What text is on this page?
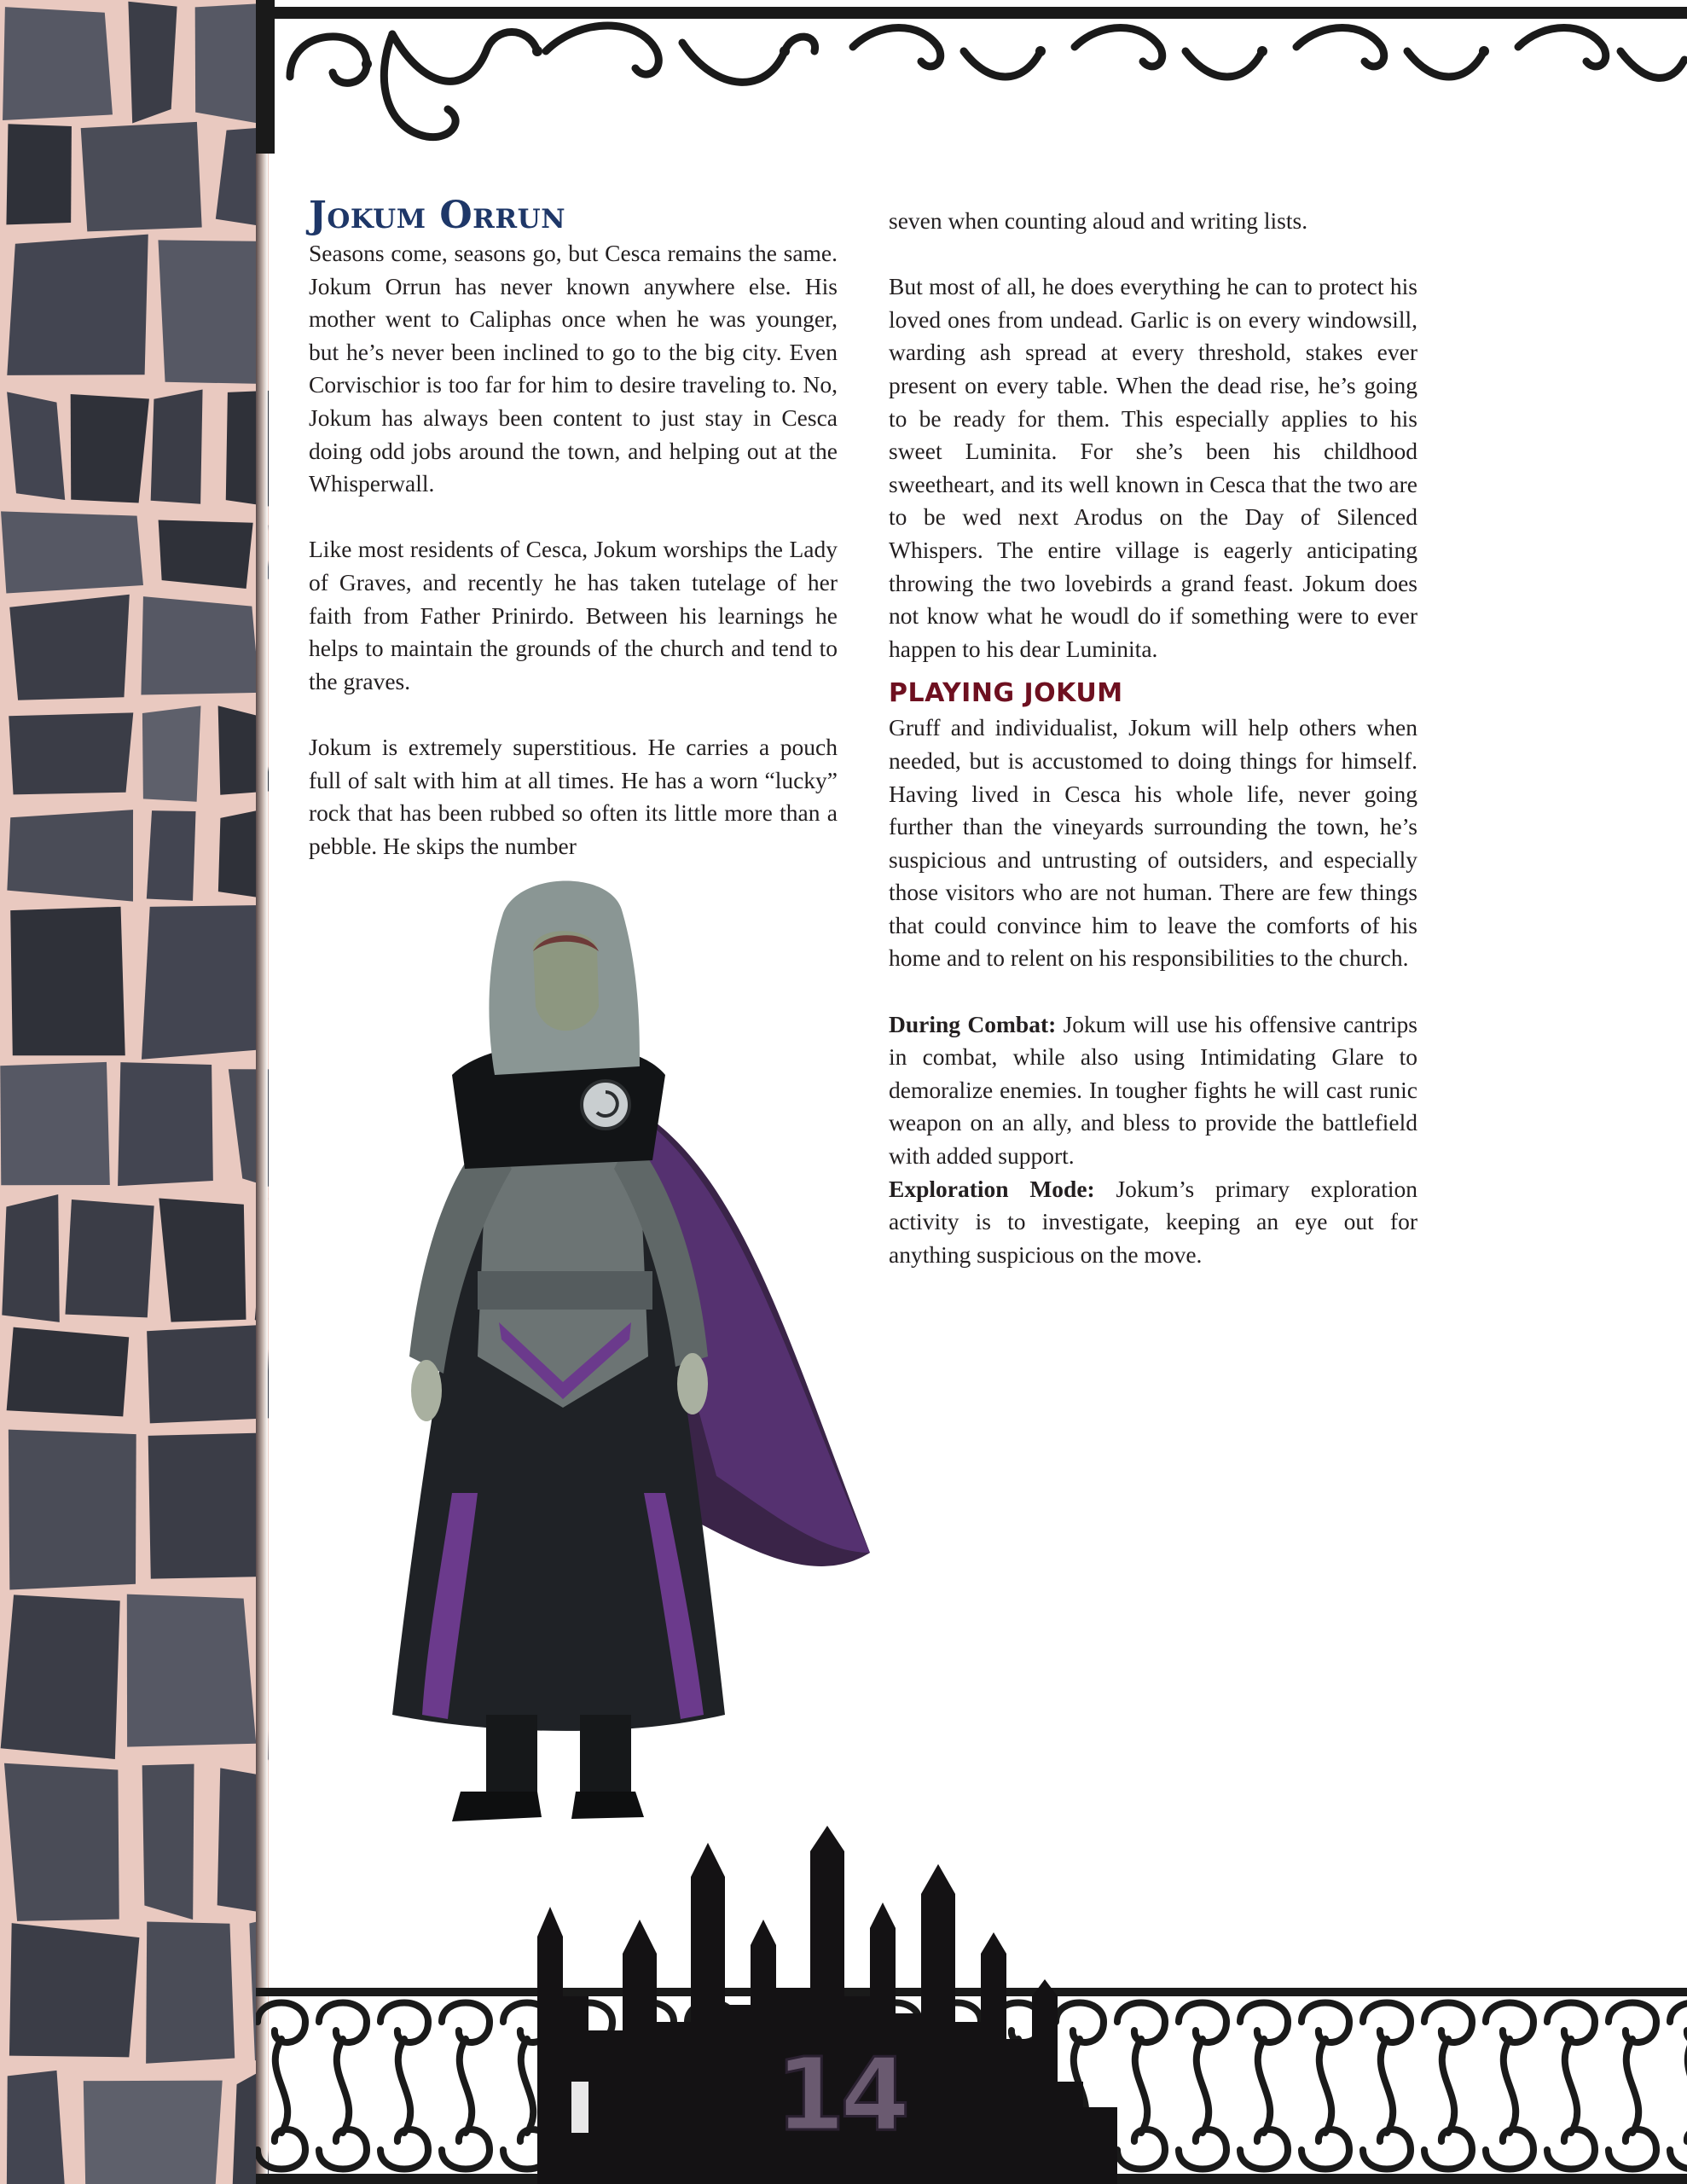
Jokum Orrun

Seasons come, seasons go, but Cesca remains the same. Jokum Orrun has never known anywhere else. His mother went to Caliphas once when he was younger, but he’s never been inclined to go to the big city. Even Corvischior is too far for him to desire traveling to. No, Jokum has always been content to just stay in Cesca doing odd jobs around the town, and helping out at the Whisperwall.

Like most residents of Cesca, Jokum worships the Lady of Graves, and recently he has taken tutelage of her faith from Father Prinirdo. Between his learnings he helps to maintain the grounds of the church and tend to the graves.

Jokum is extremely superstitious. He carries a pouch full of salt with him at all times. He has a worn “lucky” rock that has been rubbed so often its little more than a pebble. He skips the number

seven when counting aloud and writing lists.

But most of all, he does everything he can to protect his loved ones from undead. Garlic is on every windowsill, warding ash spread at every threshold, stakes ever present on every table. When the dead rise, he’s going to be ready for them. This especially applies to his sweet Luminita. For she’s been his childhood sweetheart, and its well known in Cesca that the two are to be wed next Arodus on the Day of Silenced Whispers. The entire village is eagerly anticipating throwing the two lovebirds a grand feast. Jokum does not know what he woudl do if something were to ever happen to his dear Luminita.

PLAYING JOKUM

Gruff and individualist, Jokum will help others when needed, but is accustomed to doing things for himself. Having lived in Cesca his whole life, never going further than the vineyards surrounding the town, he’s suspicious and untrusting of outsiders, and especially those visitors who are not human. There are few things that could convince him to leave the comforts of his home and to relent on his responsibilities to the church.

During Combat: Jokum will use his offensive cantrips in combat, while also using Intimidating Glare to demoralize enemies. In tougher fights he will cast runic weapon on an ally, and bless to provide the battlefield with added support.

Exploration Mode: Jokum’s primary exploration activity is to investigate, keeping an eye out for anything suspicious on the move.

14
